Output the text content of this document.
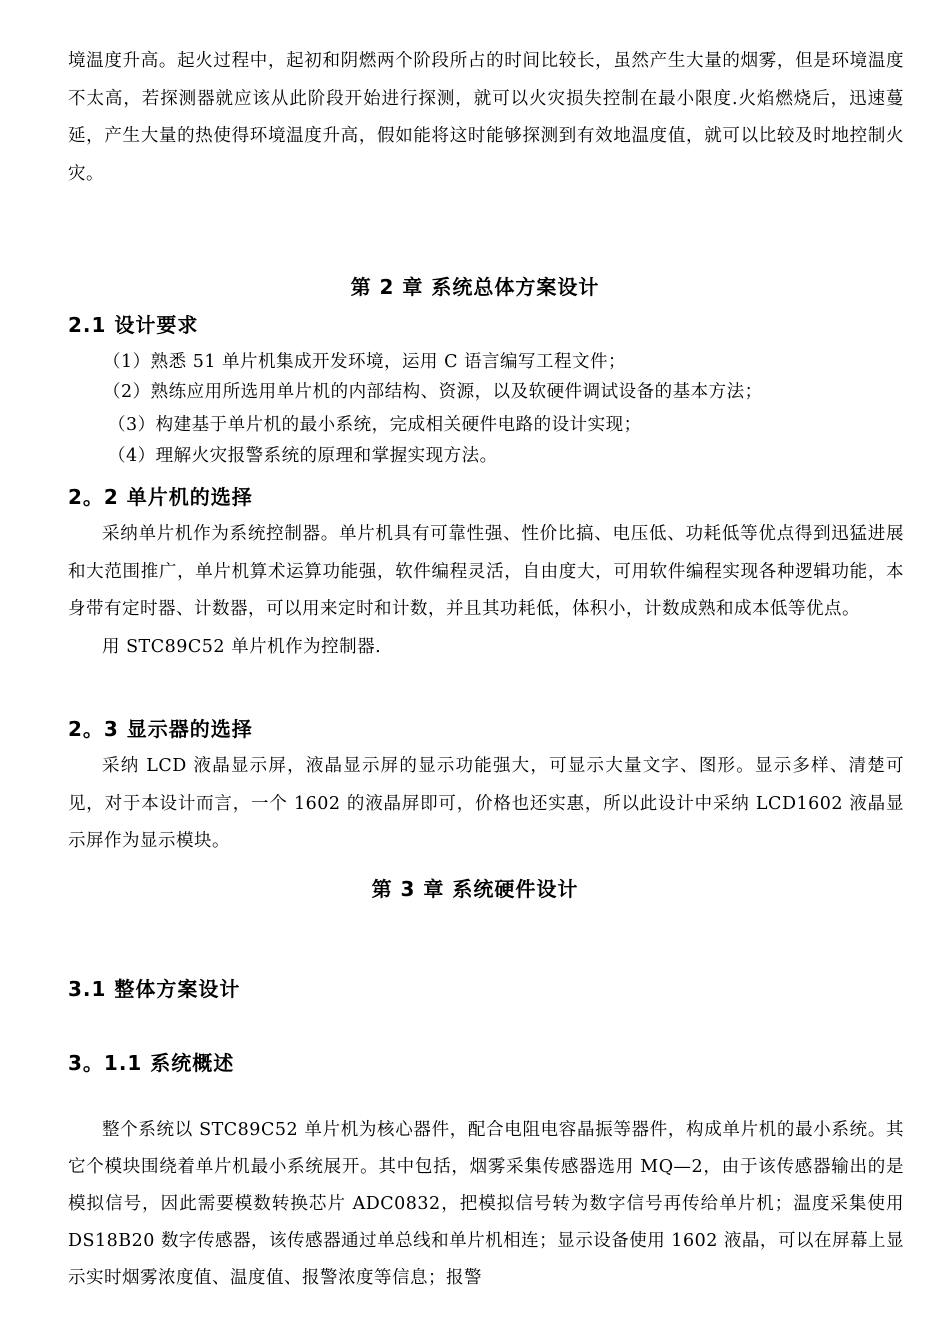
境温度升高。起火过程中，起初和阴燃两个阶段所占的时间比较长，虽然产生大量的烟雾，但是环境温度不太高，若探测器就应该从此阶段开始进行探测，就可以火灾损失控制在最小限度.火焰燃烧后，迅速蔓延，产生大量的热使得环境温度升高，假如能将这时能够探测到有效地温度值，就可以比较及时地控制火灾。

第 2 章 系统总体方案设计
2.1 设计要求
（1）熟悉 51 单片机集成开发环境，运用 C 语言编写工程文件；
（2）熟练应用所选用单片机的内部结构、资源，以及软硬件调试设备的基本方法；
（3）构建基于单片机的最小系统，完成相关硬件电路的设计实现；
（4）理解火灾报警系统的原理和掌握实现方法。
2。2 单片机的选择

采纳单片机作为系统控制器。单片机具有可靠性强、性价比搞、电压低、功耗低等优点得到迅猛进展和大范围推广，单片机算术运算功能强，软件编程灵活，自由度大，可用软件编程实现各种逻辑功能，本身带有定时器、计数器，可以用来定时和计数，并且其功耗低，体积小，计数成熟和成本低等优点。

用 STC89C52 单片机作为控制器.

2。3 显示器的选择

采纳 LCD 液晶显示屏，液晶显示屏的显示功能强大，可显示大量文字、图形。显示多样、清楚可见，对于本设计而言，一个 1602 的液晶屏即可，价格也还实惠，所以此设计中采纳 LCD1602 液晶显示屏作为显示模块。

第 3 章 系统硬件设计
3.1 整体方案设计
3。1.1 系统概述

整个系统以 STC89C52 单片机为核心器件，配合电阻电容晶振等器件，构成单片机的最小系统。其它个模块围绕着单片机最小系统展开。其中包括，烟雾采集传感器选用 MQ—2，由于该传感器输出的是模拟信号，因此需要模数转换芯片 ADC0832，把模拟信号转为数字信号再传给单片机；温度采集使用 DS18B20 数字传感器，该传感器通过单总线和单片机相连；显示设备使用 1602 液晶，可以在屏幕上显示实时烟雾浓度值、温度值、报警浓度等信息；报警
